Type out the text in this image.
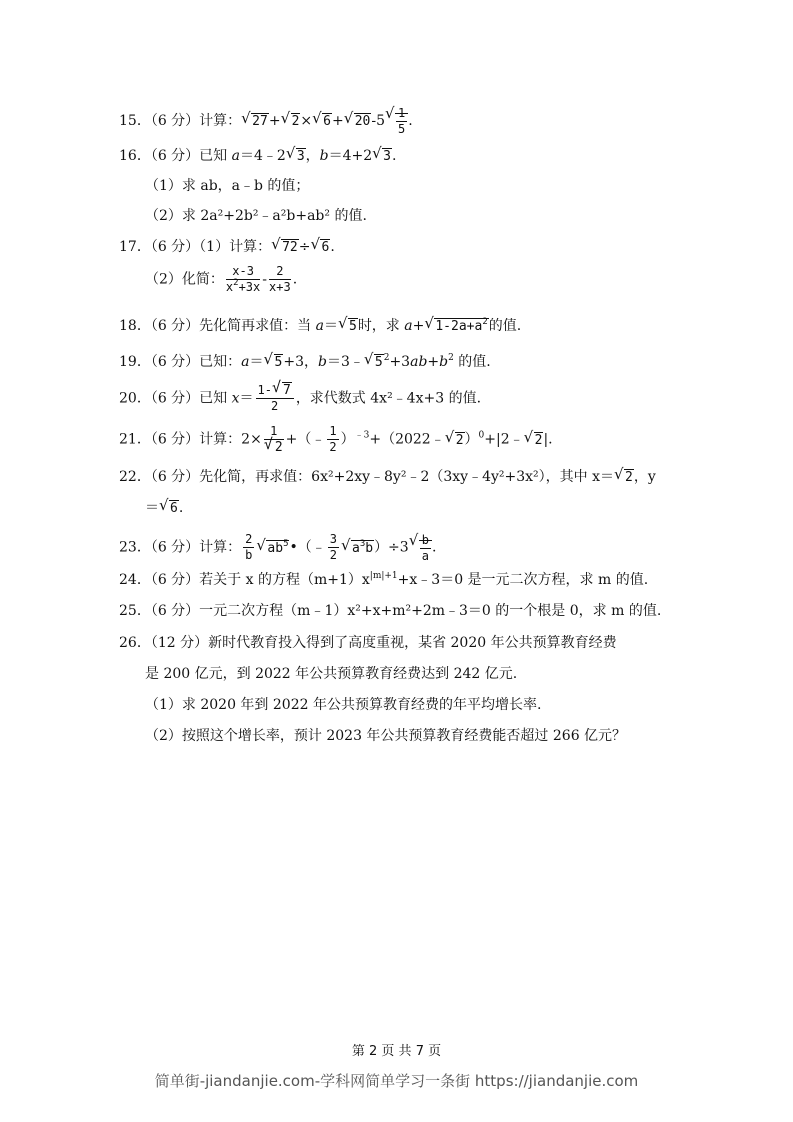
15．（6 分）计算： √ 27+ √ 2× √ 6+ √ 20-5 √ $\frac{1}{5}$ .
16．（6 分）已知 a＝4﹣2 √ 3，b＝4+2 √ 3.
（1）求 ab，a﹣b 的值；
（2）求 2a²+2b²﹣a²b+ab² 的值.
17．（6 分）（1）计算： √ 72÷ √ 6.
（2）化简： $\frac{x-3}{x^2+3x} - \frac{2}{x+3}$ .
18．（6 分）先化简再求值：当 a＝ √ 5时，求 a+ √ $1-2a+a^2$的值.
19．（6 分）已知：a＝ √ 5+3，b＝3﹣ √ $5^2+3ab+b^2$ 的值.
20．（6 分）已知 $x= \frac{1- √ 7}{2}$ ，求代数式 4x²﹣4x+3 的值.
21．（6 分）计算：2× 1
√ 2 +（﹣ $\frac{1}{2}$ ）$^{﹣3}$+（2022﹣ √ 2）$^0$+|2﹣ √ 2|.
22．（6 分）先化简，再求值：6x²+2xy﹣8y²﹣2（3xy﹣4y²+3x²），其中 x＝ √ 2，y
＝ √ 6.
23．（6 分）计算： $\frac{2}{b}$ √ $ab^5•(﹣ \frac{3}{2}$ √ $a^3b)\div 3$ √ $\frac{b}{a}$ .
24．（6 分）若关于 x 的方程$(m+1)x^{|m|+1}+x﹣3=0$ 是一元二次方程，求 m 的值.
25．（6 分）一元二次方程（m﹣1）x²+x+m²+2m﹣3＝0 的一个根是 0，求 m 的值.
26．（12 分）新时代教育投入得到了高度重视，某省 2020 年公共预算教育经费
是 200 亿元，到 2022 年公共预算教育经费达到 242 亿元.
（1）求 2020 年到 2022 年公共预算教育经费的年平均增长率.
（2）按照这个增长率，预计 2023 年公共预算教育经费能否超过 266 亿元？
第 2 页 共 7 页
简单街-jiandanjie.com-学科网简单学习一条街 https://jiandanjie.com
